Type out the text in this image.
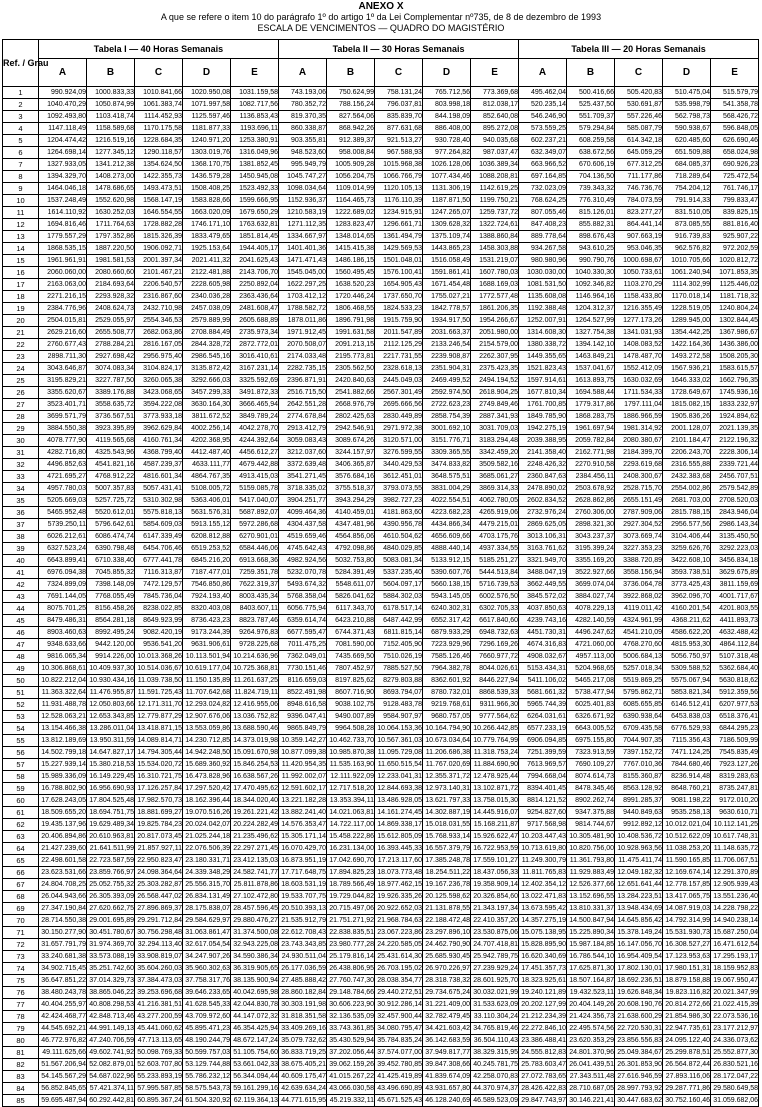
ANEXO X
A que se refere o item 10 do parágrafo 1º do artigo 1º da Lei Complementar nº735, de 8 de dezembro de 1993
ESCALA DE VENCIMENTOS — QUADRO DO MAGISTÉRIO
Ref. / Grau	Tabela I — 40 Horas Semanais					Tabela II — 30 Horas Semanais					Tabela III — 20 Horas Semanais				
	A	B	C	D	E	A	B	C	D	E	A	B	C	D	E
1	990.924,09	1000.833,33	1010.841,66	1020.950,08	1031.159,58	743.193,06	750.624,99	758.131,24	765.712,56	773.369,68	495.462,04	500.416,66	505.420,83	510.475,04	515.579,79
2	1040.470,29	1050.874,99	1061.383,74	1071.997,58	1082.717,56	780.352,72	788.156,24	796.037,81	803.998,18	812.038,17	520.235,14	525.437,50	530.691,87	535.998,79	541.358,78
3	1092.493,80	1103.418,74	1114.452,93	1125.597,46	1136.853,43	819.370,35	827.564,06	835.839,70	844.198,09	852.640,08	546.246,90	551.709,37	557.226,46	562.798,73	568.426,72
4	1147.118,49	1158.589,68	1170.175,58	1181.877,33	1193.696,11	860.338,87	868.942,26	877.631,68	886.408,00	895.272,08	573.559,25	579.294,84	585.087,79	590.938,67	596.848,05
5	1204.474,42	1216.519,16	1228.684,35	1240.971,20	1253.380,91	903.355,81	912.389,37	921.513,27	930.728,40	940.035,68	602.237,21	608.259,58	614.342,18	620.485,60	626.690,46
6	1264.698,14	1277.345,12	1290.118,57	1303.019,76	1316.049,96	948.523,60	958.008,84	967.588,93	977.264,82	987.037,47	632.349,07	638.672,56	645.059,29	651.509,88	658.024,98
7	1327.933,05	1341.212,38	1354.624,50	1368.170,75	1381.852,45	995.949,79	1005.909,28	1015.968,38	1026.128,06	1036.389,34	663.966,52	670.606,19	677.312,25	684.085,37	690.926,23
8	1394.329,70	1408.273,00	1422.355,73	1436.579,28	1450.945,08	1045.747,27	1056.204,75	1066.766,79	1077.434,46	1088.208,81	697.164,85	704.136,50	711.177,86	718.289,64	725.472,54
9	1464.046,18	1478.686,65	1493.473,51	1508.408,25	1523.492,33	1098.034,64	1109.014,99	1120.105,13	1131.306,19	1142.619,25	732.023,09	739.343,32	746.736,76	754.204,12	761.746,17
10	1537.248,49	1552.620,98	1568.147,19	1583.828,66	1599.666,95	1152.936,37	1164.465,73	1176.110,39	1187.871,50	1199.750,21	768.624,25	776.310,49	784.073,59	791.914,33	799.833,47
11	1614.110,92	1630.252,03	1646.554,55	1663.020,09	1679.650,29	1210.583,19	1222.689,02	1234.915,91	1247.265,07	1259.737,72	807.055,46	815.126,01	823.277,27	831.510,05	839.825,15
12	1694.816,46	1711.764,63	1728.882,28	1746.171,10	1763.632,81	1271.112,35	1283.823,47	1296.661,71	1309.628,32	1322.724,61	847.408,23	855.882,31	864.441,14	873.085,55	881.816,40
13	1779.557,29	1797.352,86	1815.326,39	1833.479,65	1851.814,45	1334.667,97	1348.014,65	1361.494,79	1375.109,74	1388.860,84	889.778,64	898.676,43	907.663,19	916.739,83	925.907,22
14	1868.535,15	1887.220,50	1906.092,71	1925.153,64	1944.405,17	1401.401,36	1415.415,38	1429.569,53	1443.865,23	1458.303,88	934.267,58	943.610,25	953.046,35	962.576,82	972.202,59
15	1961.961,91	1981.581,53	2001.397,34	2021.411,32	2041.625,43	1471.471,43	1486.186,15	1501.048,01	1516.058,49	1531.219,07	980.980,96	990.790,76	1000.698,67	1010.705,66	1020.812,72
16	2060.060,00	2080.660,60	2101.467,21	2122.481,88	2143.706,70	1545.045,00	1560.495,45	1576.100,41	1591.861,41	1607.780,03	1030.030,00	1040.330,30	1050.733,61	1061.240,94	1071.853,35
17	2163.063,00	2184.693,64	2206.540,57	2228.605,98	2250.892,04	1622.297,25	1638.520,23	1654.905,43	1671.454,48	1688.169,03	1081.531,50	1092.346,82	1103.270,29	1114.302,99	1125.446,02
18	2271.216,15	2293.928,32	2316.867,60	2340.036,28	2363.436,64	1703.412,12	1720.446,24	1737.650,70	1755.027,21	1772.577,48	1135.608,08	1146.964,16	1158.433,80	1170.018,14	1181.718,32
19	2384.776,96	2408.624,73	2432.710,98	2457.038,09	2481.608,47	1788.582,72	1806.468,55	1824.533,23	1842.778,57	1861.206,35	1192.388,48	1204.312,37	1216.355,49	1228.519,05	1240.804,24
20	2504.015,81	2529.055,97	2554.346,53	2579.889,99	2605.688,89	1878.011,86	1896.791,98	1915.759,90	1934.917,50	1954.266,67	1252.007,91	1264.527,99	1277.173,26	1289.945,00	1302.844,45
21	2629.216,60	2655.508,77	2682.063,86	2708.884,49	2735.973,34	1971.912,45	1991.631,58	2011.547,89	2031.663,37	2051.980,00	1314.608,30	1327.754,38	1341.031,93	1354.442,25	1367.986,67
22	2760.677,43	2788.284,21	2816.167,05	2844.328,72	2872.772,01	2070.508,07	2091.213,15	2112.125,29	2133.246,54	2154.579,00	1380.338,72	1394.142,10	1408.083,52	1422.164,36	1436.386,00
23	2898.711,30	2927.698,42	2956.975,40	2986.545,16	3016.410,61	2174.033,48	2195.773,81	2217.731,55	2239.908,87	2262.307,95	1449.355,65	1463.849,21	1478.487,70	1493.272,58	1508.205,30
24	3043.646,87	3074.083,34	3104.824,17	3135.872,42	3167.231,14	2282.735,15	2305.562,50	2328.618,13	2351.904,31	2375.423,35	1521.823,43	1537.041,67	1552.412,09	1567.936,21	1583.615,57
25	3195.829,21	3227.787,50	3260.065,38	3292.666,03	3325.592,69	2396.871,91	2420.840,63	2445.049,03	2469.499,52	2494.194,52	1597.914,61	1613.893,75	1630.032,69	1646.333,02	1662.796,35
26	3355.620,67	3389.176,88	3423.068,65	3457.299,33	3491.872,33	2516.715,50	2541.882,66	2567.301,49	2592.974,50	2618.904,25	1677.810,34	1694.588,44	1711.534,33	1728.649,67	1745.936,16
27	3523.401,71	3558.635,72	3594.222,08	3630.164,30	3666.465,94	2642.551,28	2668.976,79	2695.666,56	2722.623,23	2749.849,46	1761.700,85	1779.317,86	1797.111,04	1815.082,15	1833.232,97
28	3699.571,79	3736.567,51	3773.933,18	3811.672,52	3849.789,24	2774.678,84	2802.425,63	2830.449,89	2858.754,39	2887.341,93	1849.785,90	1868.283,75	1886.966,59	1905.836,26	1924.894,62
29	3884.550,38	3923.395,89	3962.629,84	4002.256,14	4042.278,70	2913.412,79	2942.546,91	2971.972,38	3001.692,10	3031.709,03	1942.275,19	1961.697,94	1981.314,92	2001.128,07	2021.139,35
30	4078.777,90	4119.565,68	4160.761,34	4202.368,95	4244.392,64	3059.083,43	3089.674,26	3120.571,00	3151.776,71	3183.294,48	2039.388,95	2059.782,84	2080.380,67	2101.184,47	2122.196,32
31	4282.716,80	4325.543,96	4368.799,40	4412.487,40	4456.612,27	3212.037,60	3244.157,97	3276.599,55	3309.365,55	3342.459,20	2141.358,40	2162.771,98	2184.399,70	2206.243,70	2228.306,14
32	4496.852,63	4541.821,16	4587.239,37	4633.111,77	4679.442,88	3372.639,48	3406.365,87	3440.429,53	3474.833,82	3509.582,16	2248.426,32	2270.910,58	2293.619,68	2316.555,88	2339.721,44
33	4721.695,27	4768.912,22	4816.601,34	4864.767,35	4913.415,03	3541.271,45	3576.684,16	3612.451,01	3648.575,51	3685.061,27	2360.847,63	2384.456,11	2408.300,67	2432.383,68	2456.707,51
34	4957.780,03	5007.357,83	5057.431,41	5108.005,72	5159.085,78	3718.335,02	3755.518,37	3793.073,55	3831.004,29	3869.314,33	2478.890,02	2503.678,92	2528.715,70	2554.002,86	2579.542,89
35	5205.669,03	5257.725,72	5310.302,98	5363.406,01	5417.040,07	3904.251,77	3943.294,29	3982.727,23	4022.554,51	4062.780,05	2602.834,52	2628.862,86	2655.151,49	2681.703,00	2708.520,03
36	5465.952,48	5520.612,01	5575.818,13	5631.576,31	5687.892,07	4099.464,36	4140.459,01	4181.863,60	4223.682,23	4265.919,06	2732.976,24	2760.306,00	2787.909,06	2815.788,15	2843.946,04
37	5739.250,11	5796.642,61	5854.609,03	5913.155,12	5972.286,68	4304.437,58	4347.481,96	4390.956,78	4434.866,34	4479.215,01	2869.625,05	2898.321,30	2927.304,52	2956.577,56	2986.143,34
38	6026.212,61	6086.474,74	6147.339,49	6208.812,88	6270.901,01	4519.659,46	4564.856,06	4610.504,62	4656.609,66	4703.175,76	3013.106,31	3043.237,37	3073.669,74	3104.406,44	3135.450,50
39	6327.523,24	6390.798,48	6454.706,46	6519.253,52	6584.446,06	4745.642,43	4792.098,86	4840.029,85	4888.440,14	4937.334,55	3163.761,62	3195.399,24	3227.353,23	3259.626,76	3292.223,03
40	6643.899,41	6710.338,40	6777.441,78	6845.216,20	6913.668,36	4982.924,56	5032.753,80	5083.081,34	5133.912,15	5185.251,27	3321.949,70	3355.169,20	3388.720,89	3422.608,10	3456.834,18
41	6976.094,38	7045.855,32	7116.313,87	7187.477,01	7259.351,78	5232.070,78	5284.391,49	5337.235,40	5390.607,76	5444.513,84	3488.047,19	3522.927,66	3558.156,94	3593.738,51	3629.675,89
42	7324.899,09	7398.148,09	7472.129,57	7546.850,86	7622.319,37	5493.674,32	5548.611,07	5604.097,17	5660.138,15	5716.739,53	3662.449,55	3699.074,04	3736.064,78	3773.425,43	3811.159,69
43	7691.144,05	7768.055,49	7845.736,04	7924.193,40	8003.435,34	5768.358,04	5826.041,62	5884.302,03	5943.145,05	6002.576,50	3845.572,02	3884.027,74	3922.868,02	3962.096,70	4001.717,67
44	8075.701,25	8156.458,26	8238.022,85	8320.403,08	8403.607,11	6056.775,94	6117.343,70	6178.517,14	6240.302,31	6302.705,33	4037.850,63	4078.229,13	4119.011,42	4160.201,54	4201.803,55
45	8479.486,31	8564.281,18	8649.923,99	8736.423,23	8823.787,46	6359.614,74	6423.210,88	6487.442,99	6552.317,42	6617.840,60	4239.743,16	4282.140,59	4324.961,99	4368.211,62	4411.893,73
46	8903.460,63	8992.495,24	9082.420,19	9173.244,39	9264.976,83	6677.595,47	6744.371,43	6811.815,14	6879.933,29	6948.732,63	4451.730,31	4496.247,62	4541.210,09	4586.622,20	4632.488,42
47	9348.633,66	9442.120,00	9536.541,20	9631.906,61	9728.225,68	7011.475,25	7081.590,00	7152.405,90	7223.929,96	7296.169,26	4674.316,83	4721.060,00	4768.270,60	4815.953,30	4864.112,84
48	9816.065,34	9914.226,00	10.013.368,26	10.113.501,94	10.214.636,96	7362.049,01	7435.669,50	7510.026,19	7585.126,46	7660.977,72	4908.032,67	4957.113,00	5006.684,13	5056.750,97	5107.318,48
49	10.306.868,61	10.409.937,30	10.514.036,67	10.619.177,04	10.725.368,81	7730.151,46	7807.452,97	7885.527,50	7964.382,78	8044.026,61	5153.434,31	5204.968,65	5257.018,34	5309.588,52	5362.684,40
50	10.822.212,04	10.930.434,16	11.039.738,50	11.150.135,89	11.261.637,25	8116.659,03	8197.825,62	8279.803,88	8362.601,92	8446.227,94	5411.106,02	5465.217,08	5519.869,25	5575.067,94	5630.818,62
51	11.363.322,64	11.476.955,87	11.591.725,43	11.707.642,68	11.824.719,11	8522.491,98	8607.716,90	8693.794,07	8780.732,01	8868.539,33	5681.661,32	5738.477,94	5795.862,71	5853.821,34	5912.359,56
52	11.931.488,78	12.050.803,66	12.171.311,70	12.293.024,82	12.416.955,06	8948.616,58	9038.102,75	9128.483,78	9219.768,61	9311.966,30	5965.744,39	6025.401,83	6085.655,85	6146.512,41	6207.977,53
53	12.528.063,21	12.653.343,85	12.779.877,29	12.907.676,06	13.036.752,82	9396.047,41	9490.007,89	9584.907,97	9680.757,05	9777.564,62	6264.031,61	6326.671,92	6390.938,64	6453.838,03	6518.376,41
54	13.154.466,38	13.286.011,04	13.418.871,15	13.553.059,86	13.688.590,46	9865.849,79	9964.508,28	10.064.153,36	10.164.794,90	10.266.442,85	6577.233,19	6643.005,52	6709.435,58	6776.529,93	6844.295,23
55	13.812.189,69	13.950.311,59	14.089.814,71	14.230.712,85	14.373.019,98	10.359.142,27	10.462.733,70	10.567.361,03	10.673.034,64	10.779.764,99	6906.094,85	6975.155,80	7044.907,35	7115.356,43	7186.509,99
56	14.502.799,18	14.647.827,17	14.794.305,44	14.942.248,50	15.091.670,98	10.877.099,38	10.985.870,38	11.095.729,08	11.206.686,38	11.318.753,24	7251.399,59	7323.913,59	7397.152,72	7471.124,25	7545.835,49
57	15.227.939,14	15.380.218,53	15.534.020,72	15.689.360,92	15.846.254,53	11.420.954,35	11.535.163,90	11.650.515,54	11.767.020,69	11.884.690,90	7613.969,57	7690.109,27	7767.010,36	7844.680,46	7923.127,26
58	15.989.336,09	16.149.229,45	16.310.721,75	16.473.828,96	16.638.567,26	11.992.002,07	12.111.922,09	12.233.041,31	12.355.371,72	12.478.925,44	7994.668,04	8074.614,73	8155.360,87	8236.914,48	8319.283,63
59	16.788.802,90	16.956.690,93	17.126.257,84	17.297.520,42	17.470.495,62	12.591.602,17	12.717.518,20	12.844.693,38	12.973.140,31	13.102.871,72	8394.401,45	8478.345,46	8563.128,92	8648.760,21	8735.247,81
60	17.628.243,05	17.804.525,48	17.982.570,73	18.162.396,44	18.344.020,40	13.221.182,28	13.353.394,11	13.486.928,05	13.621.797,33	13.758.015,30	8814.121,52	8902.262,74	8991.285,37	9081.198,22	9172.010,20
61	18.509.655,20	18.694.751,75	18.881.699,27	19.070.516,26	19.261.221,42	13.882.241,40	14.021.063,81	14.161.274,45	14.302.887,19	14.445.916,07	9254.827,60	9347.375,88	9440.849,63	9535.258,13	9630.610,71
62	19.435.137,96	19.629.489,34	19.825.784,23	20.024.042,07	20.224.282,49	14.576.353,47	14.722.117,00	14.869.338,17	15.018.031,55	15.168.211,87	9717.568,98	9814.744,67	9912.892,12	10.012.021,04	10.112.141,25
63	20.406.894,86	20.610.963,81	20.817.073,45	21.025.244,18	21.235.496,62	15.305.171,14	15.458.222,86	15.612.805,09	15.768.933,14	15.926.622,47	10.203.447,43	10.305.481,90	10.408.536,72	10.512.622,09	10.617.748,31
64	21.427.239,60	21.641.511,99	21.857.927,11	22.076.506,39	22.297.271,45	16.070.429,70	16.231.134,00	16.393.445,33	16.557.379,79	16.722.953,59	10.713.619,80	10.820.756,00	10.928.963,56	11.038.253,20	11.148.635,72
65	22.498.601,58	22.723.587,59	22.950.823,47	23.180.331,71	23.412.135,03	16.873.951,19	17.042.690,70	17.213.117,60	17.385.248,78	17.559.101,27	11.249.300,79	11.361.793,80	11.475.411,74	11.590.165,85	11.706.067,51
66	23.623.531,66	23.859.766,97	24.098.364,64	24.339.348,29	24.582.741,77	17.717.648,75	17.894.825,23	18.073.773,48	18.254.511,22	18.437.056,33	11.811.765,83	11.929.883,49	12.049.182,32	12.169.674,14	12.291.370,89
67	24.804.708,25	25.052.755,32	25.303.282,87	25.556.315,70	25.811.878,86	18.603.531,19	18.789.566,49	18.977.462,15	19.167.236,78	19.358.909,14	12.402.354,12	12.526.377,66	12.651.641,44	12.778.157,85	12.905.939,43
68	26.044.943,66	26.305.393,09	26.568.447,02	26.834.131,49	27.102.472,80	19.533.707,75	19.729.044,82	19.926.335,26	20.125.598,62	20.326.854,60	13.022.471,83	13.152.696,55	13.284.223,51	13.417.065,75	13.551.236,40
69	27.347.190,84	27.620.662,75	27.896.869,37	28.175.838,07	28.457.596,45	20.510.393,13	20.715.497,06	20.922.652,03	21.131.878,55	21.343.197,34	13.673.595,42	13.810.331,37	13.948.434,69	14.087.919,03	14.228.798,22
70	28.714.550,38	29.001.695,89	29.291.712,84	29.584.629,97	29.880.476,27	21.535.912,79	21.751.271,92	21.968.784,63	22.188.472,48	22.410.357,20	14.357.275,19	14.500.847,94	14.645.856,42	14.792.314,99	14.940.238,14
71	30.150.277,90	30.451.780,67	30.756.298,48	31.063.861,47	31.374.500,08	22.612.708,43	22.838.835,51	23.067.223,86	23.297.896,10	23.530.875,06	15.075.138,95	15.225.890,34	15.378.149,24	15.531.930,73	15.687.250,04
72	31.657.791,79	31.974.369,70	32.294.113,40	32.617.054,54	32.943.225,08	23.743.343,85	23.980.777,28	24.220.585,05	24.462.790,90	24.707.418,81	15.828.895,90	15.987.184,85	16.147.056,70	16.308.527,27	16.471.612,54
73	33.240.681,38	33.573.088,19	33.908.819,07	34.247.907,26	34.590.386,34	24.930.511,04	25.179.816,14	25.431.614,30	25.685.930,45	25.942.789,75	16.620.340,69	16.786.544,10	16.954.409,54	17.123.953,63	17.295.193,17
74	34.902.715,45	35.251.742,60	35.604.260,03	35.960.302,63	36.319.905,65	26.177.036,59	26.438.806,95	26.703.195,02	26.970.226,97	27.239.929,24	17.451.357,73	17.625.871,30	17.802.130,01	17.980.151,31	18.159.952,83
75	36.647.851,22	37.014.329,73	37.384.473,03	37.758.317,76	38.135.900,94	27.485.888,42	27.760.747,30	28.038.354,77	28.318.738,32	28.601.925,70	18.323.925,61	18.507.164,87	18.692.236,51	18.879.158,88	19.067.950,47
76	38.480.243,78	38.865.046,22	39.253.696,68	39.646.233,65	40.042.695,98	28.860.182,84	29.148.784,66	29.440.272,51	29.734.675,24	30.032.021,99	19.240.121,89	19.432.523,11	19.626.848,34	19.823.116,82	20.021.347,99
77	40.404.255,97	40.808.298,53	41.216.381,51	41.628.545,33	42.044.830,78	30.303.191,98	30.606.223,90	30.912.286,14	31.221.409,00	31.533.623,09	20.202.127,99	20.404.149,26	20.608.190,76	20.814.272,66	21.022.415,39
78	42.424.468,77	42.848.713,46	43.277.200,59	43.709.972,60	44.147.072,32	31.818.351,58	32.136.535,09	32.457.900,44	32.782.479,45	33.110.304,24	21.212.234,39	21.424.356,73	21.638.600,29	21.854.986,30	22.073.536,16
79	44.545.692,21	44.991.149,13	45.441.060,62	45.895.471,23	46.354.425,94	33.409.269,16	33.743.361,85	34.080.795,47	34.421.603,42	34.765.819,46	22.272.846,10	22.495.574,56	22.720.530,31	22.947.735,61	23.177.212,97
80	46.772.976,82	47.240.706,59	47.713.113,65	48.190.244,79	48.672.147,24	35.079.732,62	35.430.529,94	35.784.835,24	36.142.683,59	36.504.110,43	23.386.488,41	23.620.353,29	23.856.556,83	24.095.122,40	24.336.073,62
81	49.111.625,66	49.602.741,92	50.098.769,33	50.599.757,03	51.105.754,60	36.833.719,25	37.202.056,44	37.574.077,00	37.949.817,77	38.329.315,95	24.555.812,83	24.801.370,96	25.049.384,67	25.299.878,51	25.552.877,30
82	51.567.206,94	52.082.879,01	52.603.707,80	53.129.744,88	53.661.042,33	38.675.405,21	39.062.159,26	39.452.780,85	39.847.308,66	40.245.781,75	25.783.603,47	26.041.439,51	26.301.853,90	26.564.872,44	26.830.521,16
83	54.145.567,29	54.687.022,96	55.233.893,19	55.786.232,12	56.344.094,44	40.609.175,47	41.015.267,22	41.425.419,89	41.839.674,09	42.258.070,83	27.072.783,65	27.343.511,48	27.616.946,59	27.893.116,06	28.172.047,22
84	56.852.845,65	57.421.374,11	57.995.587,85	58.575.543,73	59.161.299,16	42.639.634,24	43.066.030,58	43.496.690,89	43.931.657,80	44.370.974,37	28.426.422,83	28.710.687,05	28.997.793,92	29.287.771,86	29.580.649,58
85	59.695.487,94	60.292.442,81	60.895.367,24	61.504.320,92	62.119.364,13	44.771.615,95	45.219.332,11	45.671.525,43	46.128.240,69	46.589.523,09	29.847.743,97	30.146.221,41	30.447.683,62	30.752.160,46	31.059.682,06
